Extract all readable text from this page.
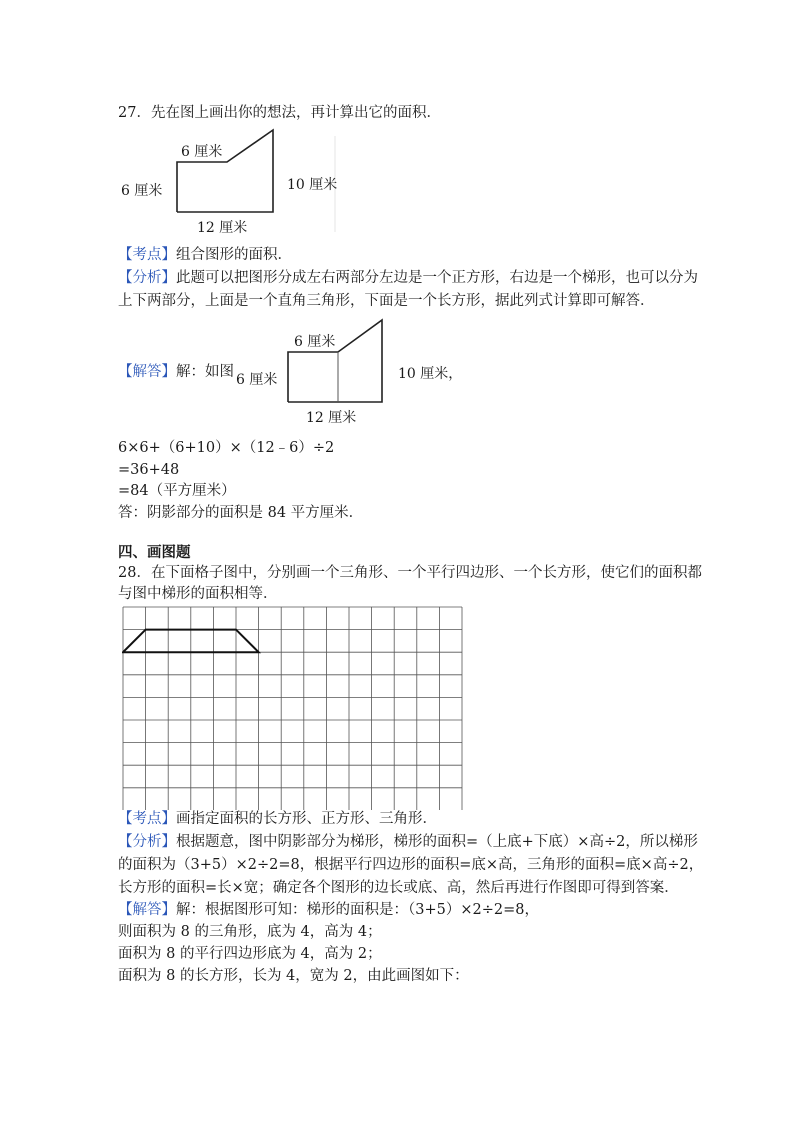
27．先在图上画出你的想法，再计算出它的面积．
6 厘米
6 厘米	10 厘米
12 厘米
【考点】组合图形的面积．
【分析】此题可以把图形分成左右两部分左边是一个正方形，右边是一个梯形，也可以分为
上下两部分，上面是一个直角三角形，下面是一个长方形，据此列式计算即可解答．
【解答】解：如图
6 厘米
6 厘米	10 厘米，
12 厘米
6×6+（6+10）×（12﹣6）÷2
=36+48
=84（平方厘米）
答：阴影部分的面积是 84 平方厘米．
四、画图题
28．在下面格子图中，分别画一个三角形、一个平行四边形、一个长方形，使它们的面积都
与图中梯形的面积相等．
【考点】画指定面积的长方形、正方形、三角形．
【分析】根据题意，图中阴影部分为梯形，梯形的面积=（上底+下底）×高÷2，所以梯形
的面积为（3+5）×2÷2=8，根据平行四边形的面积=底×高，三角形的面积=底×高÷2，
长方形的面积=长×宽；确定各个图形的边长或底、高，然后再进行作图即可得到答案．
【解答】解：根据图形可知：梯形的面积是：（3+5）×2÷2=8，
则面积为 8 的三角形，底为 4，高为 4；
面积为 8 的平行四边形底为 4，高为 2；
面积为 8 的长方形，长为 4，宽为 2，由此画图如下：
